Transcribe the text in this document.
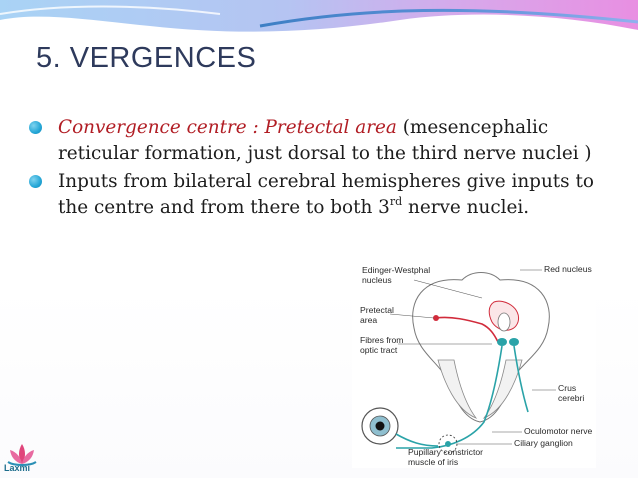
5. VERGENCES
Convergence centre : Pretectal area (mesencephalic reticular formation, just dorsal to the third nerve nuclei )
Inputs from bilateral cerebral hemispheres give inputs to the centre and from there to both 3rd nerve nuclei.
Edinger-Westphal
nucleus
Red nucleus
Pretectal
area
Fibres from
optic tract
Crus
cerebri
Oculomotor nerve
Ciliary ganglion
Pupillary constrictor
muscle of iris
Laxmi
